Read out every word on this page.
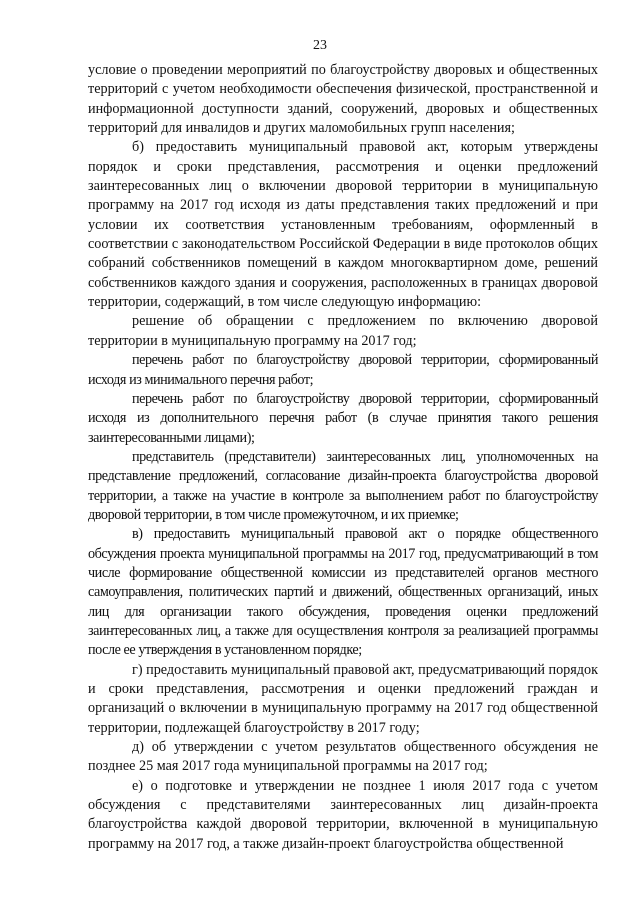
23

условие о проведении мероприятий по благоустройству дворовых и общественных территорий с учетом необходимости обеспечения физической, пространственной и информационной доступности зданий, сооружений, дворовых и общественных территорий для инвалидов и других маломобильных групп населения;

б) предоставить муниципальный правовой акт, которым утверждены порядок и сроки представления, рассмотрения и оценки предложений заинтересованных лиц о включении дворовой территории в муниципальную программу на 2017 год исходя из даты представления таких предложений и при условии их соответствия установленным требованиям, оформленный в соответствии с законодательством Российской Федерации в виде протоколов общих собраний собственников помещений в каждом многоквартирном доме, решений собственников каждого здания и сооружения, расположенных в границах дворовой территории, содержащий, в том числе следующую информацию:

решение об обращении с предложением по включению дворовой территории в муниципальную программу на 2017 год;

перечень работ по благоустройству дворовой территории, сформированный исходя из минимального перечня работ;

перечень работ по благоустройству дворовой территории, сформированный исходя из дополнительного перечня работ (в случае принятия такого решения заинтересованными лицами);

представитель (представители) заинтересованных лиц, уполномоченных на представление предложений, согласование дизайн-проекта благоустройства дворовой территории, а также на участие в контроле за выполнением работ по благоустройству дворовой территории, в том числе промежуточном, и их приемке;

в) предоставить муниципальный правовой акт о порядке общественного обсуждения проекта муниципальной программы на 2017 год, предусматривающий в том числе формирование общественной комиссии из представителей органов местного самоуправления, политических партий и движений, общественных организаций, иных лиц для организации такого обсуждения, проведения оценки предложений заинтересованных лиц, а также для осуществления контроля за реализацией программы после ее утверждения в установленном порядке;

г) предоставить муниципальный правовой акт, предусматривающий порядок и сроки представления, рассмотрения и оценки предложений граждан и организаций о включении в муниципальную программу на 2017 год общественной территории, подлежащей благоустройству в 2017 году;

д) об утверждении с учетом результатов общественного обсуждения не позднее 25 мая 2017 года муниципальной программы на 2017 год;

е) о подготовке и утверждении не позднее 1 июля 2017 года с учетом обсуждения с представителями заинтересованных лиц дизайн-проекта благоустройства каждой дворовой территории, включенной в муниципальную программу на 2017 год, а также дизайн-проект благоустройства общественной
